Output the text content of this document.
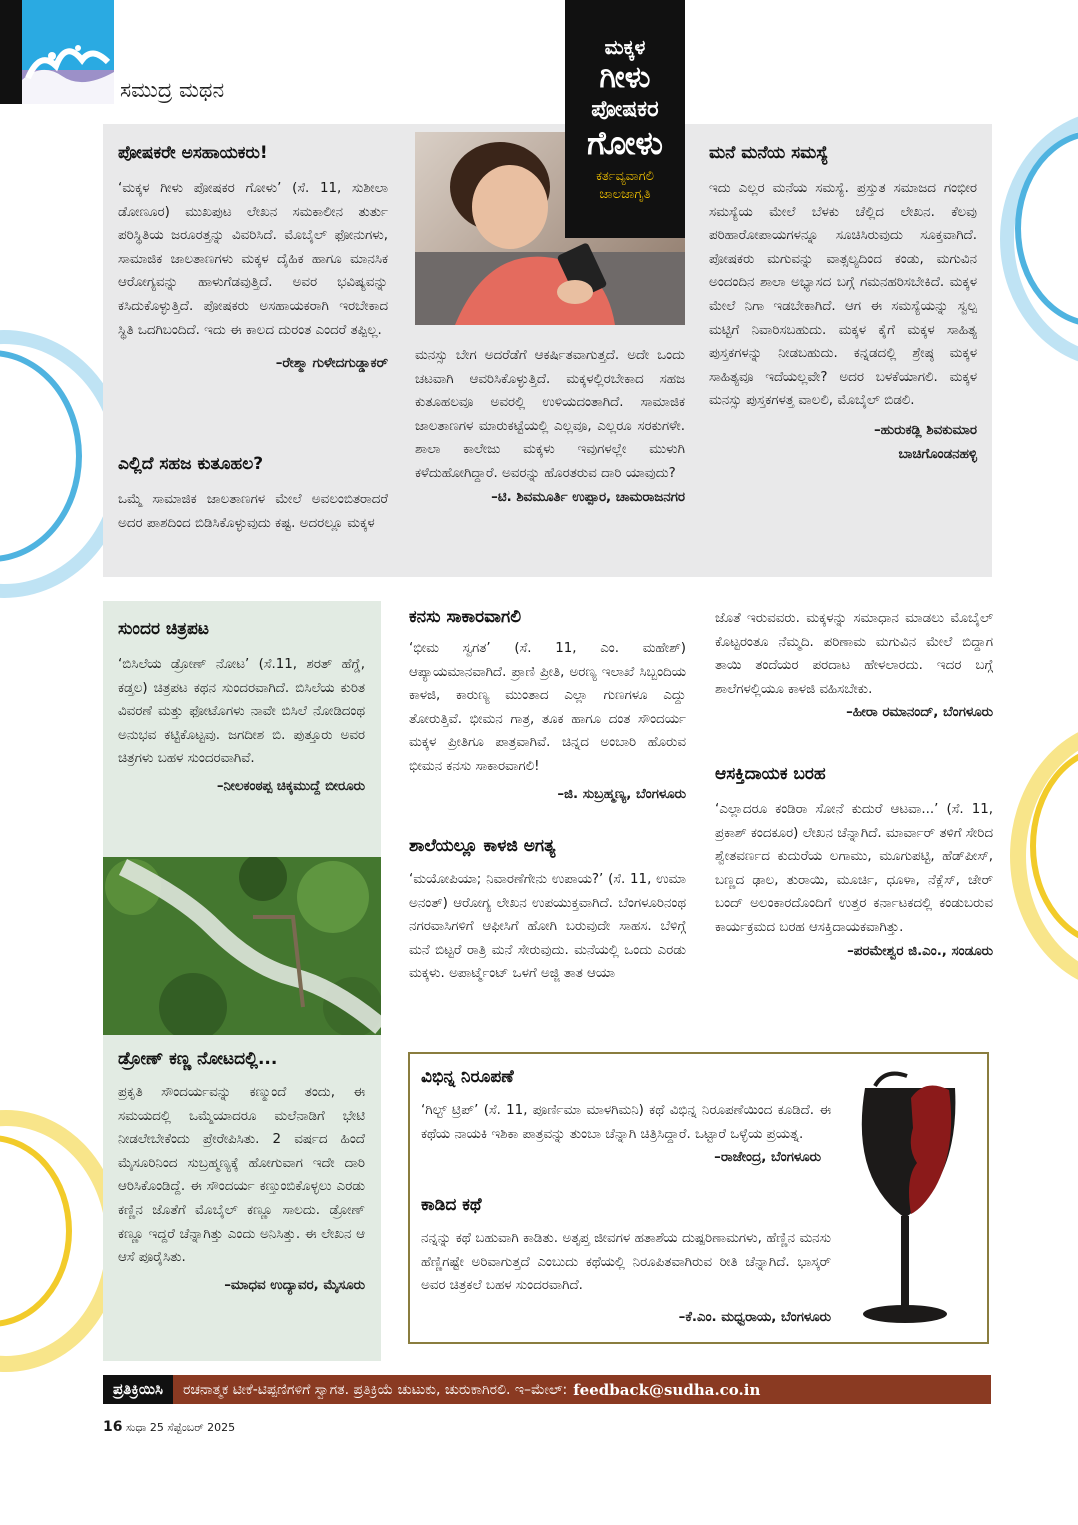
ಸಮುದ್ರ ಮಥನ
ಮಕ್ಕಳ
ಗೀಳು
ಪೋಷಕರ
ಗೋಳು
ಕರ್ತವ್ಯವಾಗಲಿ
ಜಾಲಜಾಗೃತಿ
ಪೋಷಕರೇ ಅಸಹಾಯಕರು!

‘ಮಕ್ಕಳ ಗೀಳು ಪೋಷಕರ ಗೋಳು’ (ಸೆ. 11, ಸುಶೀಲಾ ಡೋಣೂರ) ಮುಖಪುಟ ಲೇಖನ ಸಮಕಾಲೀನ ತುರ್ತು ಪರಿಸ್ಥಿತಿಯ ಜರೂರತ್ತನ್ನು ವಿವರಿಸಿದೆ. ಮೊಬೈಲ್ ಫೋನುಗಳು, ಸಾಮಾಜಿಕ ಜಾಲತಾಣಗಳು ಮಕ್ಕಳ ದೈಹಿಕ ಹಾಗೂ ಮಾನಸಿಕ ಆರೋಗ್ಯವನ್ನು ಹಾಳುಗೆಡವುತ್ತಿದೆ. ಅವರ ಭವಿಷ್ಯವನ್ನು ಕಸಿದುಕೊಳ್ಳುತ್ತಿದೆ. ಪೋಷಕರು ಅಸಹಾಯಕರಾಗಿ ಇರಬೇಕಾದ ಸ್ಥಿತಿ ಒದಗಿಬಂದಿದೆ. ಇದು ಈ ಕಾಲದ ದುರಂತ ಎಂದರೆ ತಪ್ಪಿಲ್ಲ.

–ರೇಶ್ಮಾ ಗುಳೇದಗುಡ್ಡಾಕರ್
ಎಲ್ಲಿದೆ ಸಹಜ ಕುತೂಹಲ?

ಒಮ್ಮೆ ಸಾಮಾಜಿಕ ಜಾಲತಾಣಗಳ ಮೇಲೆ ಅವಲಂಬಿತರಾದರೆ ಅದರ ಪಾಶದಿಂದ ಬಿಡಿಸಿಕೊಳ್ಳುವುದು ಕಷ್ಟ. ಅದರಲ್ಲೂ ಮಕ್ಕಳ

ಮನಸ್ಸು ಬೇಗ ಅದರೆಡೆಗೆ ಆಕರ್ಷಿತವಾಗುತ್ತದೆ. ಅದೇ ಒಂದು ಚಟವಾಗಿ ಆವರಿಸಿಕೊಳ್ಳುತ್ತಿದೆ. ಮಕ್ಕಳಲ್ಲಿರಬೇಕಾದ ಸಹಜ ಕುತೂಹಲವೂ ಅವರಲ್ಲಿ ಉಳಿಯದಂತಾಗಿದೆ. ಸಾಮಾಜಿಕ ಜಾಲತಾಣಗಳ ಮಾರುಕಟ್ಟೆಯಲ್ಲಿ ಎಲ್ಲವೂ, ಎಲ್ಲರೂ ಸರಕುಗಳೇ. ಶಾಲಾ ಕಾಲೇಜು ಮಕ್ಕಳು ಇವುಗಳಲ್ಲೇ ಮುಳುಗಿ ಕಳೆದುಹೋಗಿದ್ದಾರೆ. ಅವರನ್ನು ಹೊರತರುವ ದಾರಿ ಯಾವುದು?

–ಟಿ. ಶಿವಮೂರ್ತಿ ಉಪ್ಪಾರ, ಚಾಮರಾಜನಗರ
ಮನೆ ಮನೆಯ ಸಮಸ್ಯೆ

ಇದು ಎಲ್ಲರ ಮನೆಯ ಸಮಸ್ಯೆ. ಪ್ರಸ್ತುತ ಸಮಾಜದ ಗಂಭೀರ ಸಮಸ್ಯೆಯ ಮೇಲೆ ಬೆಳಕು ಚೆಲ್ಲಿದ ಲೇಖನ. ಕೆಲವು ಪರಿಹಾರೋಪಾಯಗಳನ್ನೂ ಸೂಚಿಸಿರುವುದು ಸೂಕ್ತವಾಗಿದೆ. ಪೋಷಕರು ಮಗುವನ್ನು ವಾತ್ಸಲ್ಯದಿಂದ ಕಂಡು, ಮಗುವಿನ ಅಂದಂದಿನ ಶಾಲಾ ಅಭ್ಯಾಸದ ಬಗ್ಗೆ ಗಮನಹರಿಸಬೇಕಿದೆ. ಮಕ್ಕಳ ಮೇಲೆ ನಿಗಾ ಇಡಬೇಕಾಗಿದೆ. ಆಗ ಈ ಸಮಸ್ಯೆಯನ್ನು ಸ್ವಲ್ಪ ಮಟ್ಟಿಗೆ ನಿವಾರಿಸಬಹುದು. ಮಕ್ಕಳ ಕೈಗೆ ಮಕ್ಕಳ ಸಾಹಿತ್ಯ ಪುಸ್ತಕಗಳನ್ನು ನೀಡಬಹುದು. ಕನ್ನಡದಲ್ಲಿ ಶ್ರೇಷ್ಠ ಮಕ್ಕಳ ಸಾಹಿತ್ಯವೂ ಇದೆಯಲ್ಲವೇ? ಅದರ ಬಳಕೆಯಾಗಲಿ. ಮಕ್ಕಳ ಮನಸ್ಸು ಪುಸ್ತಕಗಳತ್ತ ವಾಲಲಿ, ಮೊಬೈಲ್ ಬಿಡಲಿ.

–ಹುರುಕಡ್ಲಿ ಶಿವಕುಮಾರ
ಬಾಚಿಗೊಂಡನಹಳ್ಳಿ
ಸುಂದರ ಚಿತ್ರಪಟ

‘ಬಿಸಿಲೆಯ ಡ್ರೋಣ್ ನೋಟ’ (ಸೆ.11, ಶರತ್ ಹೆಗ್ಡೆ, ಕಡ್ತಲ) ಚಿತ್ರಪಟ ಕಥನ ಸುಂದರವಾಗಿದೆ. ಬಿಸಿಲೆಯ ಕುರಿತ ವಿವರಣೆ ಮತ್ತು ಫೋಟೊಗಳು ನಾವೇ ಬಿಸಿಲೆ ನೋಡಿದಂಥ ಅನುಭವ ಕಟ್ಟಿಕೊಟ್ಟವು. ಜಗದೀಶ ಬಿ. ಪುತ್ತೂರು ಅವರ ಚಿತ್ರಗಳು ಬಹಳ ಸುಂದರವಾಗಿವೆ.

–ನೀಲಕಂಠಪ್ಪ ಚಿಕ್ಕಮುದ್ದೆ ಬೀರೂರು
ಡ್ರೋಣ್ ಕಣ್ಣ ನೋಟದಲ್ಲಿ...

ಪ್ರಕೃತಿ ಸೌಂದರ್ಯವನ್ನು ಕಣ್ಮುಂದೆ ತಂದು, ಈ ಸಮಯದಲ್ಲಿ ಒಮ್ಮೆಯಾದರೂ ಮಲೆನಾಡಿಗೆ ಭೇಟಿ ನೀಡಲೇಬೇಕೆಂದು ಪ್ರೇರೇಪಿಸಿತು. 2 ವರ್ಷದ ಹಿಂದೆ ಮೈಸೂರಿನಿಂದ ಸುಬ್ರಹ್ಮಣ್ಯಕ್ಕೆ ಹೋಗುವಾಗ ಇದೇ ದಾರಿ ಆರಿಸಿಕೊಂಡಿದ್ದೆ. ಈ ಸೌಂದರ್ಯ ಕಣ್ತುಂಬಿಕೊಳ್ಳಲು ಎರಡು ಕಣ್ಣಿನ ಜೊತೆಗೆ ಮೊಬೈಲ್ ಕಣ್ಣೂ ಸಾಲದು. ಡ್ರೋಣ್ ಕಣ್ಣೂ ಇದ್ದರೆ ಚೆನ್ನಾಗಿತ್ತು ಎಂದು ಅನಿಸಿತ್ತು. ಈ ಲೇಖನ ಆ ಆಸೆ ಪೂರೈಸಿತು.

–ಮಾಧವ ಉದ್ಯಾವರ, ಮೈಸೂರು
ಕನಸು ಸಾಕಾರವಾಗಲಿ

‘ಭೀಮ ಸ್ವಗತ’ (ಸೆ. 11, ಎಂ. ಮಹೇಶ್) ಆಪ್ಯಾಯಮಾನವಾಗಿದೆ. ಪ್ರಾಣಿ ಪ್ರೀತಿ, ಅರಣ್ಯ ಇಲಾಖೆ ಸಿಬ್ಬಂದಿಯ ಕಾಳಜಿ, ಕಾರುಣ್ಯ ಮುಂತಾದ ಎಲ್ಲಾ ಗುಣಗಳೂ ಎದ್ದು ತೋರುತ್ತಿವೆ. ಭೀಮನ ಗಾತ್ರ, ತೂಕ ಹಾಗೂ ದಂತ ಸೌಂದರ್ಯ ಮಕ್ಕಳ ಪ್ರೀತಿಗೂ ಪಾತ್ರವಾಗಿವೆ. ಚಿನ್ನದ ಅಂಬಾರಿ ಹೊರುವ ಭೀಮನ ಕನಸು ಸಾಕಾರವಾಗಲಿ!

–ಜಿ. ಸುಬ್ರಹ್ಮಣ್ಯ, ಬೆಂಗಳೂರು
ಶಾಲೆಯಲ್ಲೂ ಕಾಳಜಿ ಅಗತ್ಯ

‘ಮಯೋಪಿಯಾ; ನಿವಾರಣೆಗೇನು ಉಪಾಯ?’ (ಸೆ. 11, ಉಮಾ ಅನಂತ್) ಆರೋಗ್ಯ ಲೇಖನ ಉಪಯುಕ್ತವಾಗಿದೆ. ಬೆಂಗಳೂರಿನಂಥ ನಗರವಾಸಿಗಳಿಗೆ ಆಫೀಸಿಗೆ ಹೋಗಿ ಬರುವುದೇ ಸಾಹಸ. ಬೆಳಿಗ್ಗೆ ಮನೆ ಬಿಟ್ಟರೆ ರಾತ್ರಿ ಮನೆ ಸೇರುವುದು. ಮನೆಯಲ್ಲಿ ಒಂದು ಎರಡು ಮಕ್ಕಳು. ಅಪಾರ್ಟ್ಮೆಂಟ್ ಒಳಗೆ ಅಜ್ಜಿ ತಾತ ಆಯಾ

ಜೊತೆ ಇರುವವರು. ಮಕ್ಕಳನ್ನು ಸಮಾಧಾನ ಮಾಡಲು ಮೊಬೈಲ್ ಕೊಟ್ಟರಂತೂ ನೆಮ್ಮದಿ. ಪರಿಣಾಮ ಮಗುವಿನ ಮೇಲೆ ಬಿದ್ದಾಗ ತಾಯಿ ತಂದೆಯರ ಪರದಾಟ ಹೇಳಲಾರದು. ಇದರ ಬಗ್ಗೆ ಶಾಲೆಗಳಲ್ಲಿಯೂ ಕಾಳಜಿ ವಹಿಸಬೇಕು.

–ಹೀರಾ ರಮಾನಂದ್, ಬೆಂಗಳೂರು
ಆಸಕ್ತಿದಾಯಕ ಬರಹ

‘ಎಲ್ಲಾದರೂ ಕಂಡಿರಾ ಸೋನೆ ಕುದುರೆ ಆಟವಾ...’ (ಸೆ. 11, ಪ್ರಕಾಶ್ ಕಂದಕೂರ) ಲೇಖನ ಚೆನ್ನಾಗಿದೆ. ಮಾರ್ವಾರ್ ತಳಿಗೆ ಸೇರಿದ ಶ್ವೇತವರ್ಣದ ಕುದುರೆಯ ಲಗಾಮು, ಮೂಗುಪಟ್ಟಿ, ಹೆಡ್‌ಪೀಸ್, ಬಣ್ಣದ ಢಾಲ, ತುರಾಯಿ, ಮೂರ್ಚಿ, ಧೂಳಾ, ನೆಕ್ಲೆಸ್, ಚೇರ್ ಬಂದ್ ಅಲಂಕಾರದೊಂದಿಗೆ ಉತ್ತರ ಕರ್ನಾಟಕದಲ್ಲಿ ಕಂಡುಬರುವ ಕಾರ್ಯಕ್ರಮದ ಬರಹ ಆಸಕ್ತಿದಾಯಕವಾಗಿತ್ತು.

–ಪರಮೇಶ್ವರ ಜಿ.ಎಂ., ಸಂಡೂರು
ವಿಭಿನ್ನ ನಿರೂಪಣೆ

‘ಗಿಲ್ಟ್ ಟ್ರಿಪ್’ (ಸೆ. 11, ಪೂರ್ಣಿಮಾ ಮಾಳಗಿಮನಿ) ಕಥೆ ವಿಭಿನ್ನ ನಿರೂಪಣೆಯಿಂದ ಕೂಡಿದೆ. ಈ ಕಥೆಯ ನಾಯಕಿ ಇಶಿಕಾ ಪಾತ್ರವನ್ನು ತುಂಬಾ ಚೆನ್ನಾಗಿ ಚಿತ್ರಿಸಿದ್ದಾರೆ. ಒಟ್ಟಾರೆ ಒಳ್ಳೆಯ ಪ್ರಯತ್ನ.

–ರಾಜೇಂದ್ರ, ಬೆಂಗಳೂರು
ಕಾಡಿದ ಕಥೆ

ನನ್ನನ್ನು ಕಥೆ ಬಹುವಾಗಿ ಕಾಡಿತು. ಅತೃಪ್ತ ಜೀವಗಳ ಹತಾಶೆಯ ದುಷ್ಪರಿಣಾಮಗಳು, ಹೆಣ್ಣಿನ ಮನಸು ಹೆಣ್ಣಿಗಷ್ಟೇ ಅರಿವಾಗುತ್ತದೆ ಎಂಬುದು ಕಥೆಯಲ್ಲಿ ನಿರೂಪಿತವಾಗಿರುವ ರೀತಿ ಚೆನ್ನಾಗಿದೆ. ಭಾಸ್ಕರ್ ಅವರ ಚಿತ್ರಕಲೆ ಬಹಳ ಸುಂದರವಾಗಿದೆ.

–ಕೆ.ಎಂ. ಮಧ್ವರಾಯ, ಬೆಂಗಳೂರು
ಪ್ರತಿಕ್ರಿಯಿಸಿ	ರಚನಾತ್ಮಕ ಟೀಕೆ-ಟಿಪ್ಪಣಿಗಳಿಗೆ ಸ್ವಾಗತ. ಪ್ರತಿಕ್ರಿಯೆ ಚುಟುಕು, ಚುರುಕಾಗಿರಲಿ. ಇ–ಮೇಲ್: feedback@sudha.co.in
16 ಸುಧಾ 25 ಸೆಪ್ಟೆಂಬರ್ 2025
